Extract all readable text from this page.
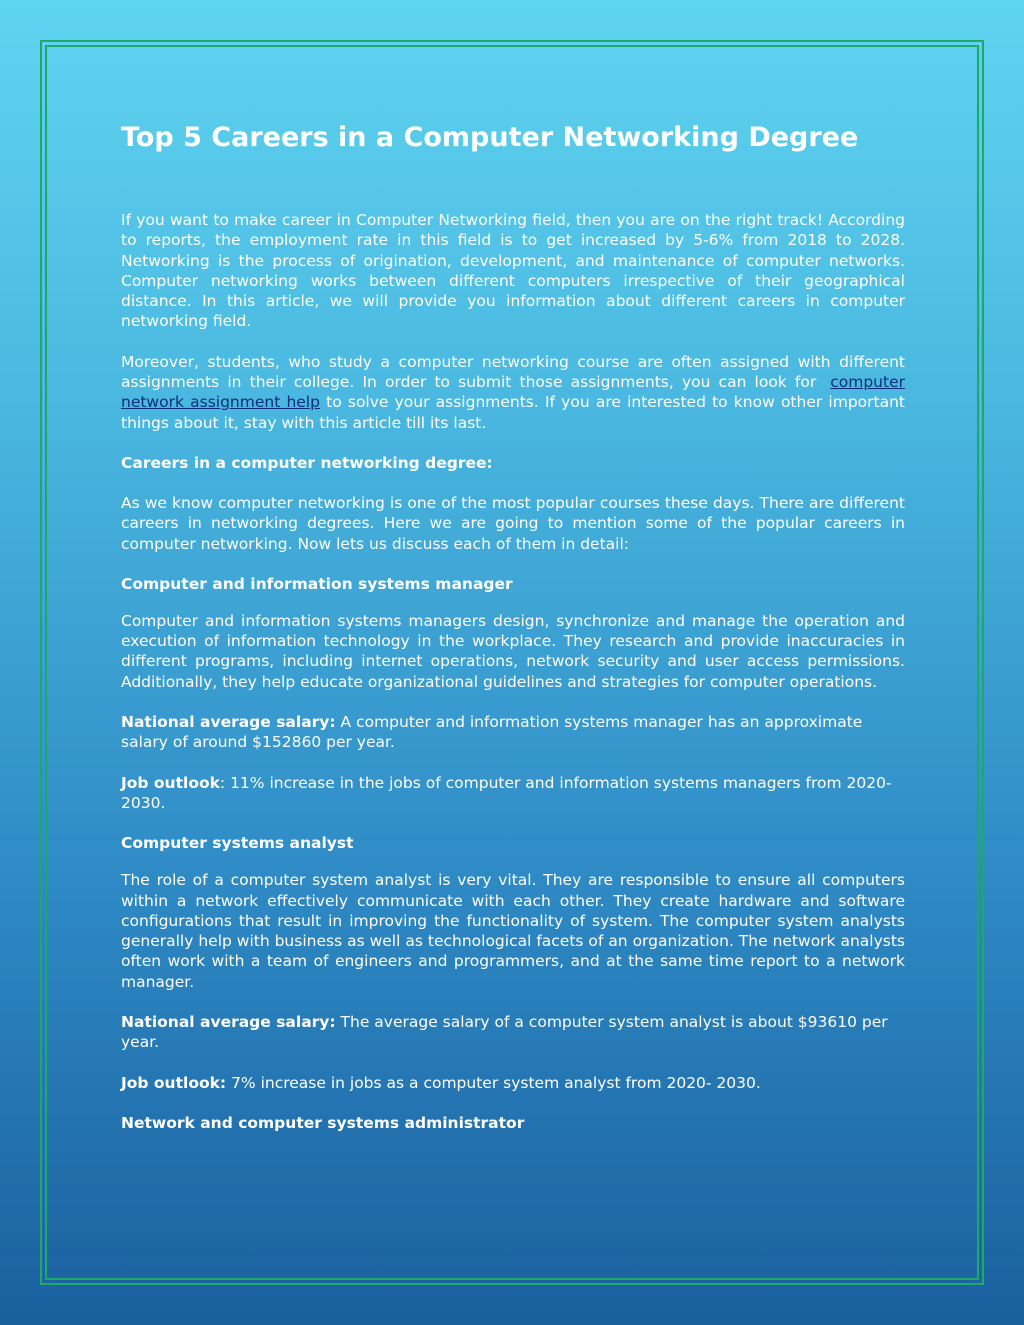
Top 5 Careers in a Computer Networking Degree

If you want to make career in Computer Networking field, then you are on the right track! According to reports, the employment rate in this field is to get increased by 5-6% from 2018 to 2028. Networking is the process of origination, development, and maintenance of computer networks. Computer networking works between different computers irrespective of their geographical distance. In this article, we will provide you information about different careers in computer networking field.

Moreover, students, who study a computer networking course are often assigned with different assignments in their college. In order to submit those assignments, you can look for computer network assignment help to solve your assignments. If you are interested to know other important things about it, stay with this article till its last.

Careers in a computer networking degree:

As we know computer networking is one of the most popular courses these days. There are different careers in networking degrees. Here we are going to mention some of the popular careers in computer networking. Now lets us discuss each of them in detail:

Computer and information systems manager

Computer and information systems managers design, synchronize and manage the operation and execution of information technology in the workplace. They research and provide inaccuracies in different programs, including internet operations, network security and user access permissions. Additionally, they help educate organizational guidelines and strategies for computer operations.

National average salary: A computer and information systems manager has an approximate salary of around $152860 per year.

Job outlook: 11% increase in the jobs of computer and information systems managers from 2020-2030.

Computer systems analyst

The role of a computer system analyst is very vital. They are responsible to ensure all computers within a network effectively communicate with each other. They create hardware and software configurations that result in improving the functionality of system. The computer system analysts generally help with business as well as technological facets of an organization. The network analysts often work with a team of engineers and programmers, and at the same time report to a network manager.

National average salary: The average salary of a computer system analyst is about $93610 per year.

Job outlook: 7% increase in jobs as a computer system analyst from 2020- 2030.

Network and computer systems administrator
